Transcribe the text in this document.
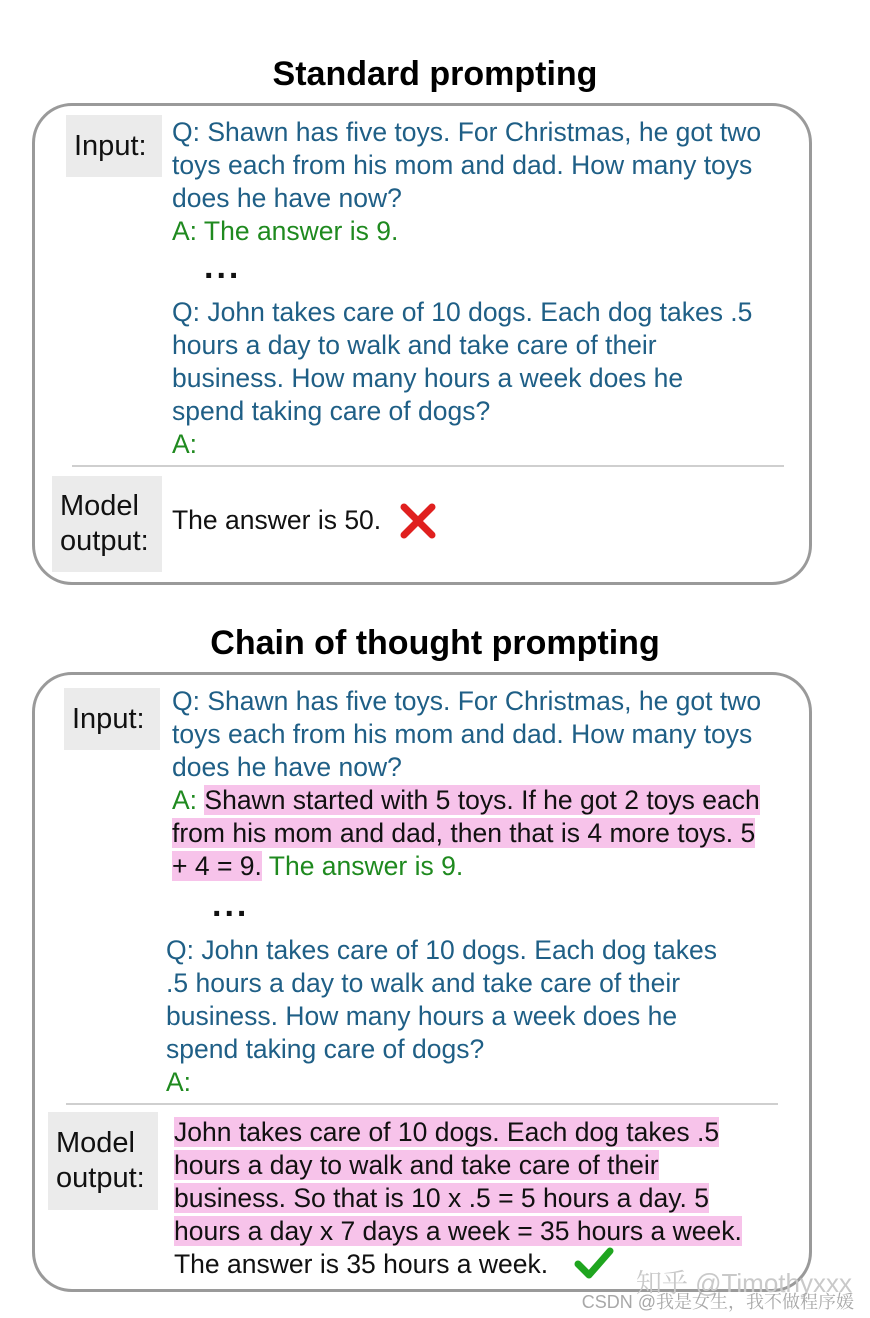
Standard prompting
Input: Q: Shawn has five toys. For Christmas, he got two
toys each from his mom and dad. How many toys
does he have now?
A: The answer is 9.
...
Q: John takes care of 10 dogs. Each dog takes .5
hours a day to walk and take care of their
business. How many hours a week does he
spend taking care of dogs?
A:
Model
output:
The answer is 50.
Chain of thought prompting
Input:
Q: Shawn has five toys. For Christmas, he got two
toys each from his mom and dad. How many toys
does he have now?
A: Shawn started with 5 toys. If he got 2 toys each
from his mom and dad, then that is 4 more toys. 5
+ 4 = 9. The answer is 9.
...
Q: John takes care of 10 dogs. Each dog takes
.5 hours a day to walk and take care of their
business. How many hours a week does he
spend taking care of dogs?
A:
Model
output:
John takes care of 10 dogs. Each dog takes .5
hours a day to walk and take care of their
business. So that is 10 x .5 = 5 hours a day. 5
hours a day x 7 days a week = 35 hours a week.
The answer is 35 hours a week.
知乎 @Timothyxxx
CSDN @我是女生，我不做程序媛
